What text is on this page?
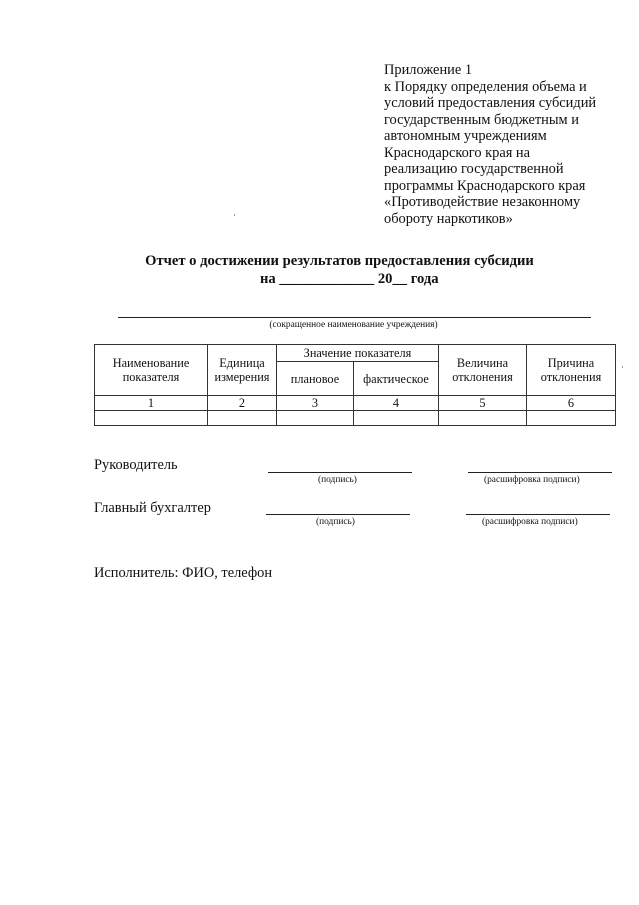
Приложение 1
к Порядку определения объема и
условий предоставления субсидий
государственным бюджетным и
автономным учреждениям
Краснодарского края на
реализацию государственной
программы Краснодарского края
«Противодействие незаконному
обороту наркотиков»
Отчет о достижении результатов предоставления субсидии
на _____________ 20__ года
(сокращенное наименование учреждения)
Наименование показателя	Единица измерения	Значение показателя		Величина отклонения	Причина отклонения
		плановое	фактическое		
1	2	3	4	5	6

Руководитель
(подпись)	(расшифровка подписи)
Главный бухгалтер
(подпись)	(расшифровка подписи)
Исполнитель: ФИО, телефон
